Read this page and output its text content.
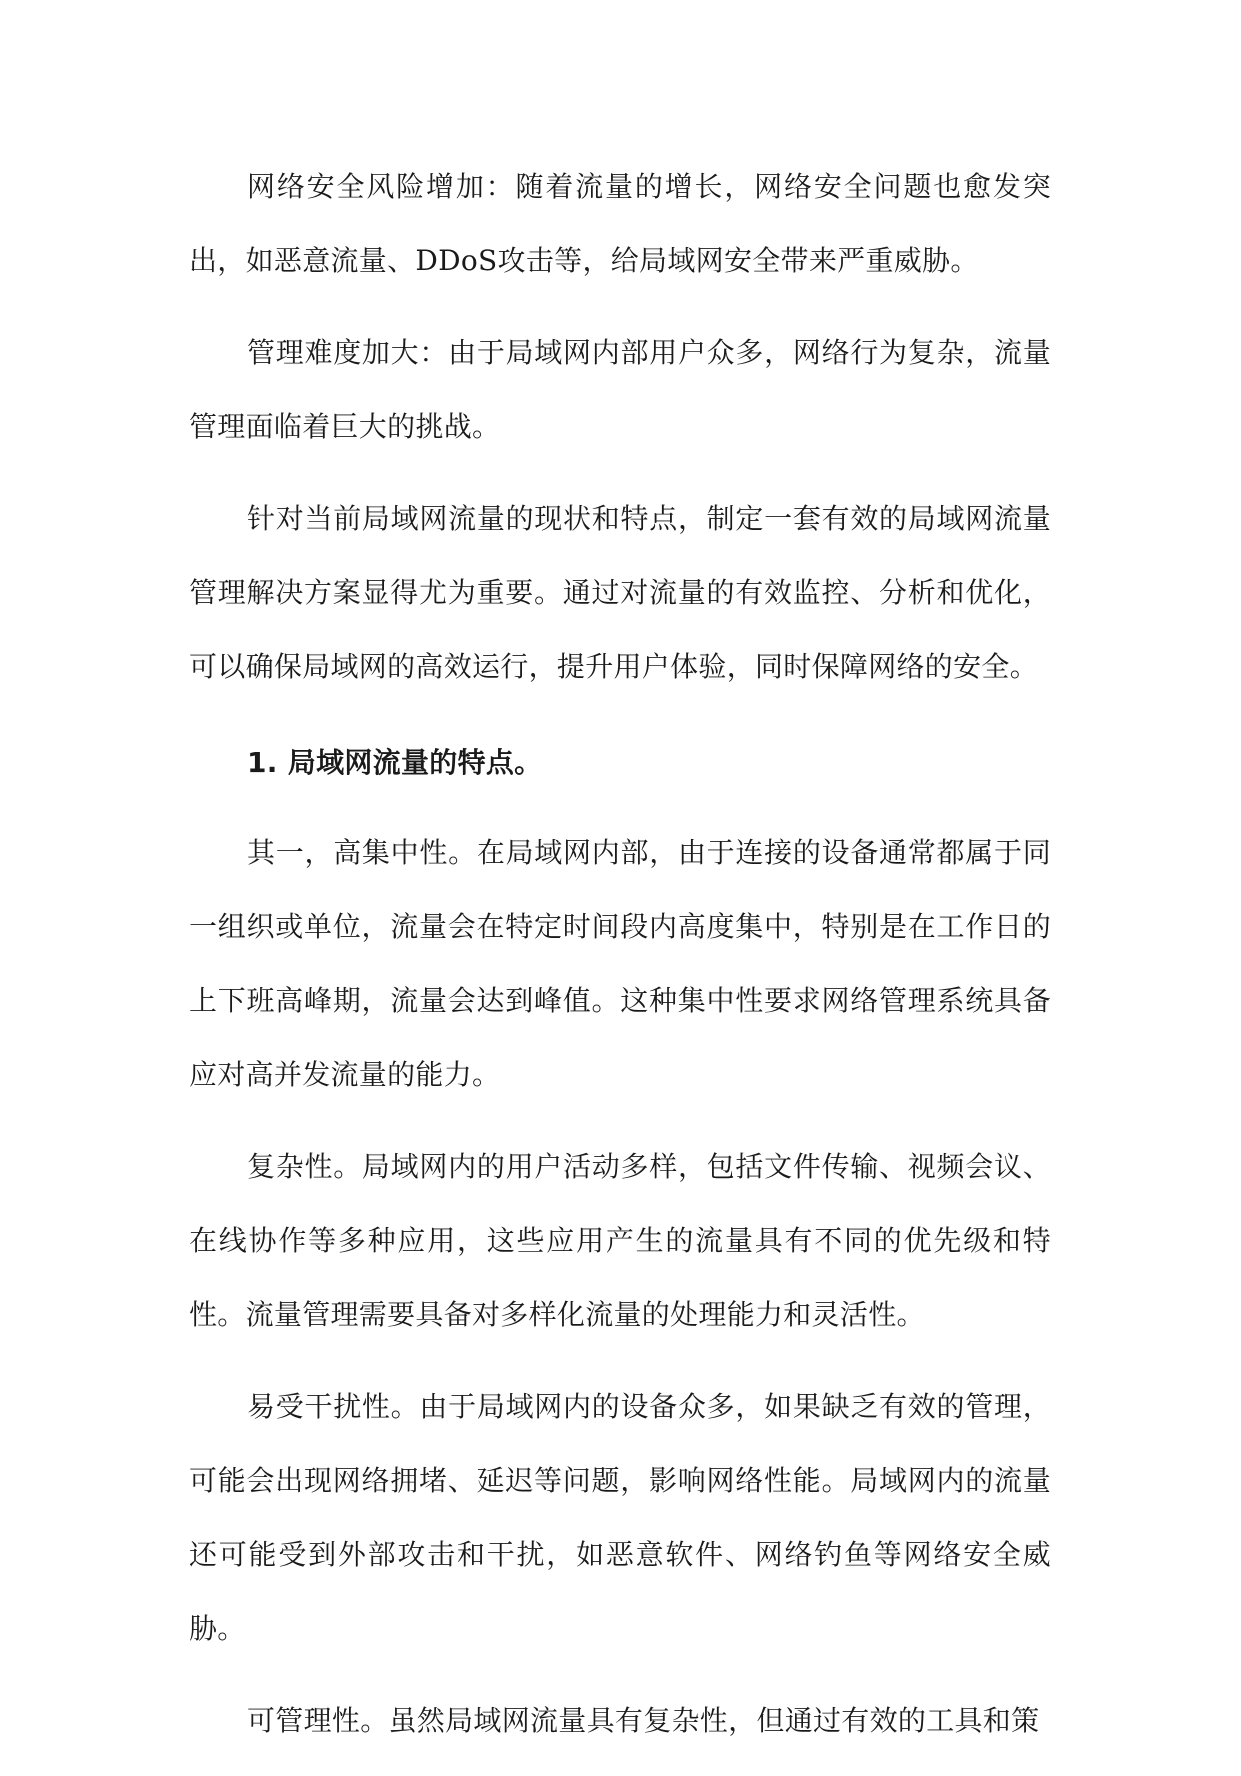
网络安全风险增加：随着流量的增长，网络安全问题也愈发突出，如恶意流量、DDoS攻击等，给局域网安全带来严重威胁。

管理难度加大：由于局域网内部用户众多，网络行为复杂，流量管理面临着巨大的挑战。

针对当前局域网流量的现状和特点，制定一套有效的局域网流量管理解决方案显得尤为重要。通过对流量的有效监控、分析和优化，可以确保局域网的高效运行，提升用户体验，同时保障网络的安全。

1. 局域网流量的特点。

其一，高集中性。在局域网内部，由于连接的设备通常都属于同一组织或单位，流量会在特定时间段内高度集中，特别是在工作日的上下班高峰期，流量会达到峰值。这种集中性要求网络管理系统具备应对高并发流量的能力。

复杂性。局域网内的用户活动多样，包括文件传输、视频会议、在线协作等多种应用，这些应用产生的流量具有不同的优先级和特性。流量管理需要具备对多样化流量的处理能力和灵活性。

易受干扰性。由于局域网内的设备众多，如果缺乏有效的管理，可能会出现网络拥堵、延迟等问题，影响网络性能。局域网内的流量还可能受到外部攻击和干扰，如恶意软件、网络钓鱼等网络安全威胁。

可管理性。虽然局域网流量具有复杂性，但通过有效的工具和策
